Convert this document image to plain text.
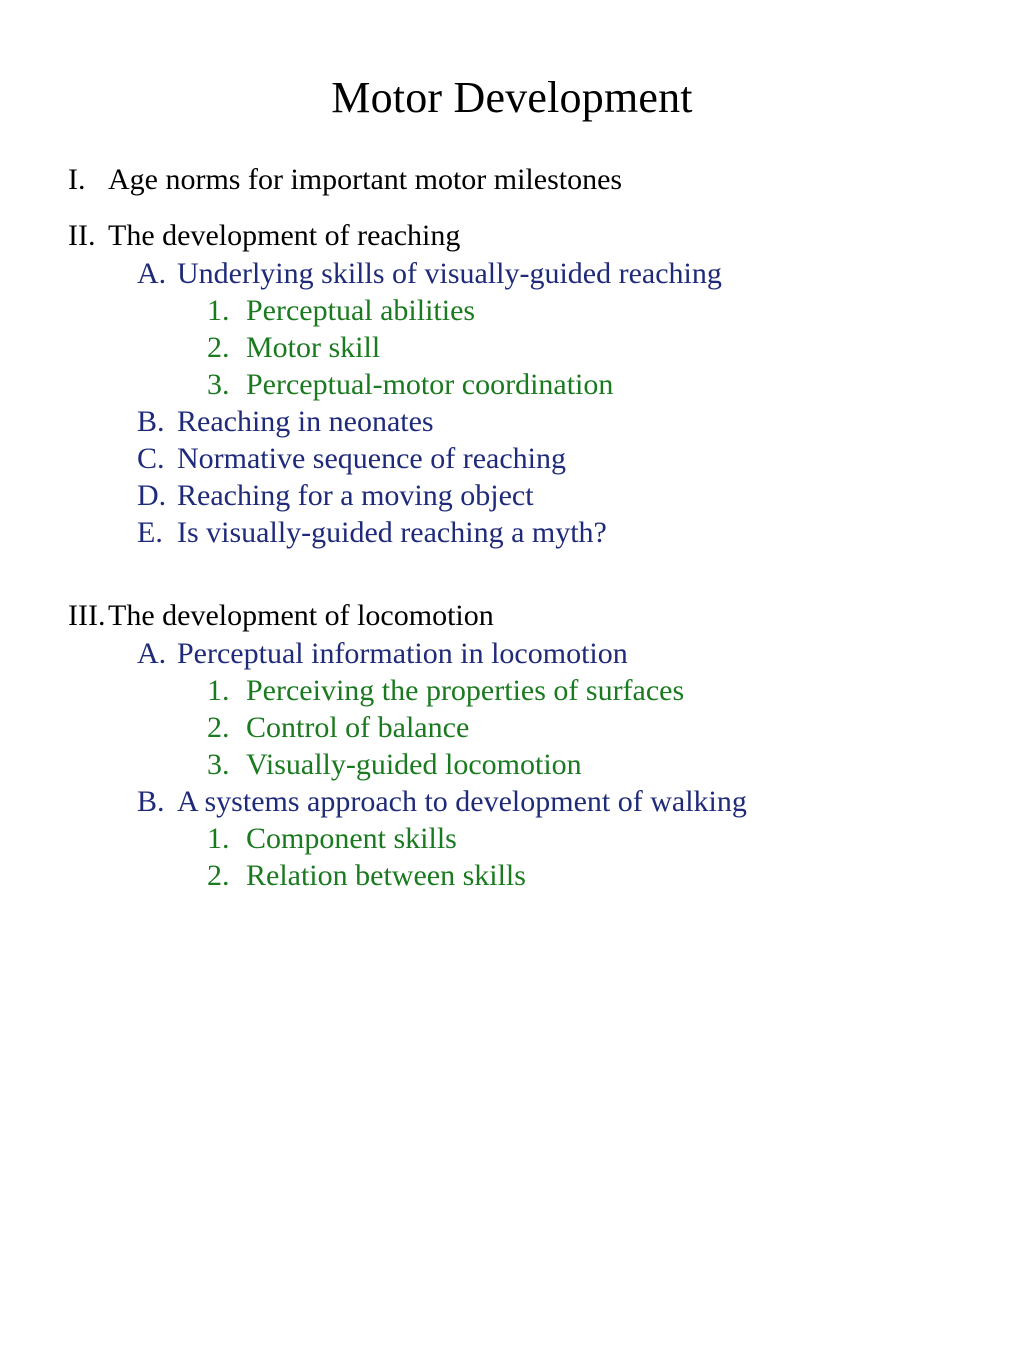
Motor Development
I. Age norms for important motor milestones
II. The development of reaching
A. Underlying skills of visually-guided reaching
1. Perceptual abilities
2. Motor skill
3. Perceptual-motor coordination
B. Reaching in neonates
C. Normative sequence of reaching
D. Reaching for a moving object
E. Is visually-guided reaching a myth?
III. The development of locomotion
A. Perceptual information in locomotion
1. Perceiving the properties of surfaces
2. Control of balance
3. Visually-guided locomotion
B. A systems approach to development of walking
1. Component skills
2. Relation between skills
